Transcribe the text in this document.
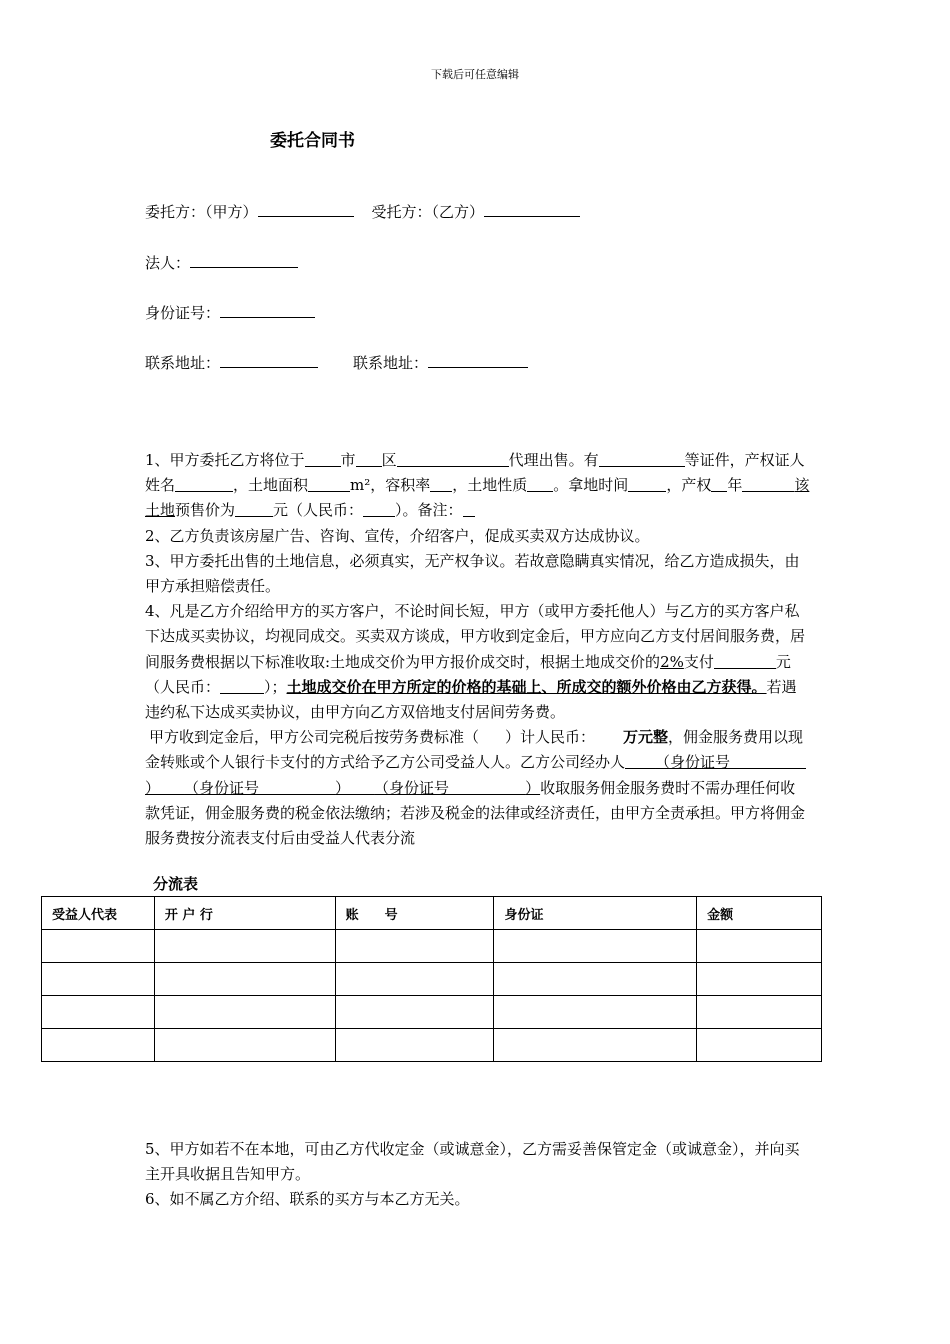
下载后可任意编辑
委托合同书
委托方：（甲方）	受托方：（乙方）
法人：
身份证号：
联系地址：	联系地址：

1、甲方委托乙方将位于 市 区	代理出售。有	等证件，产权证人姓名	，土地面积	m²，容积率 ，土地性质 。拿地时间	，产权 年	该土地预售价为	元（人民币： ）。备注：

2、乙方负责该房屋广告、咨询、宣传，介绍客户，促成买卖双方达成协议。

3、甲方委托出售的土地信息，必须真实，无产权争议。若故意隐瞒真实情况，给乙方造成损失，由甲方承担赔偿责任。

4、凡是乙方介绍给甲方的买方客户，不论时间长短，甲方（或甲方委托他人）与乙方的买方客户私下达成买卖协议，均视同成交。买卖双方谈成，甲方收到定金后，甲方应向乙方支付居间服务费，居间服务费根据以下标准收取:土地成交价为甲方报价成交时，根据土地成交价的2%支付	元（人民币：	）；土地成交价在甲方所定的价格的基础上、所成交的额外价格由乙方获得。若遇违约私下达成买卖协议，由甲方向乙方双倍地支付居间劳务费。

甲方收到定金后，甲方公司完税后按劳务费标准（ ）计人民币： 万元整，佣金服务费用以现金转账或个人银行卡支付的方式给予乙方公司受益人人。乙方公司经办人 （身份证号） （身份证号	） （身份证号	）收取服务佣金服务费时不需办理任何收款凭证，佣金服务费的税金依法缴纳；若涉及税金的法律或经济责任，由甲方全责承担。甲方将佣金服务费按分流表支付后由受益人代表分流

分流表
受益人代表	开 户 行	账　　号	身份证	金额

5、甲方如若不在本地，可由乙方代收定金（或诚意金），乙方需妥善保管定金（或诚意金），并向买主开具收据且告知甲方。

6、如不属乙方介绍、联系的买方与本乙方无关。
